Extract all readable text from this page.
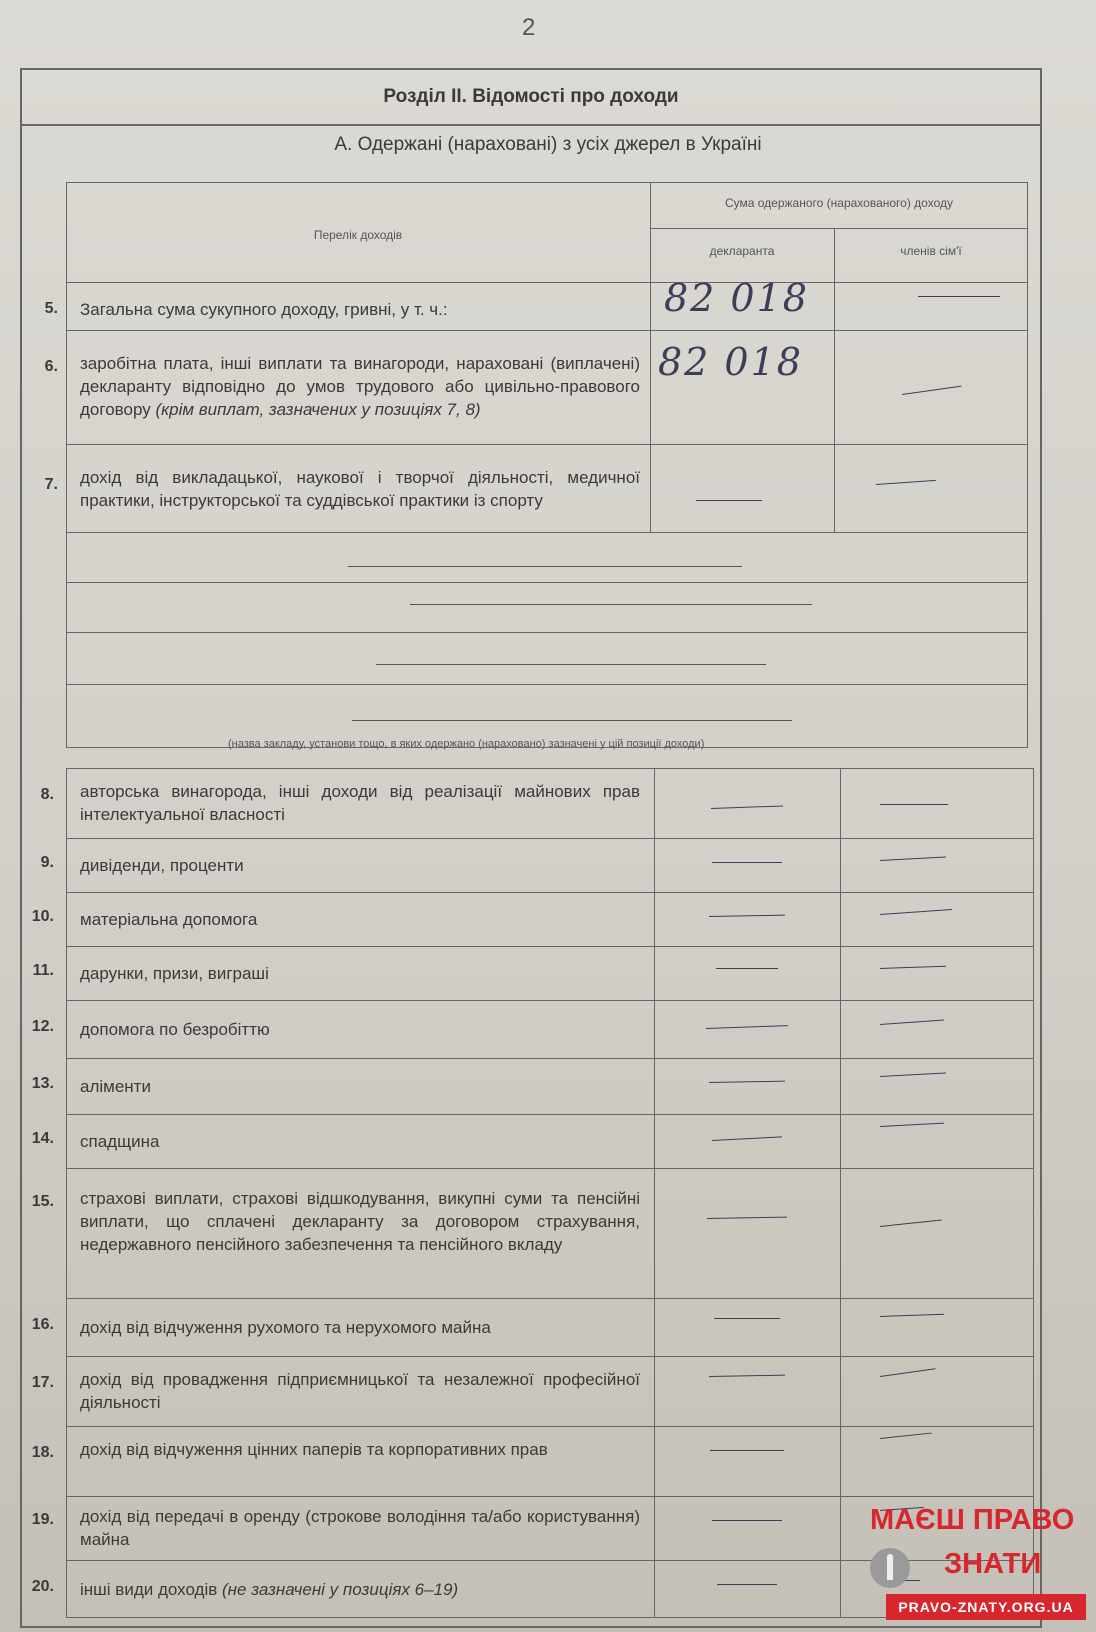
2
Розділ ІІ. Відомості про доходи
А. Одержані (нараховані) з усіх джерел в Україні
Перелік доходів
Сума одержаного (нарахованого) доходу
декларанта	членів сім'ї
5. Загальна сума сукупного доходу, гривні, у т. ч.:	82 018
6. заробітна плата, інші виплати та винагороди, нараховані (виплачені) декларанту відповідно до умов трудового або цивільно-правового договору (крім виплат, зазначених у позиціях 7, 8)
82 018
7. дохід від викладацької, наукової і творчої діяльності, медичної практики, інструкторської та суддівської практики із спорту
(назва закладу, установи тощо, в яких одержано (нараховано) зазначені у цій позиції доходи)
8. авторська винагорода, інші доходи від реалізації майнових прав інтелектуальної власності
9. дивіденди, проценти
10. матеріальна допомога
11. дарунки, призи, виграші
12. допомога по безробіттю
13. аліменти
14. спадщина
15. страхові виплати, страхові відшкодування, викупні суми та пенсійні виплати, що сплачені декларанту за договором страхування, недержавного пенсійного забезпечення та пенсійного вкладу
16. дохід від відчуження рухомого та нерухомого майна
17. дохід від провадження підприємницької та незалежної професійної діяльності
18. дохід від відчуження цінних паперів та корпоративних прав
19. дохід від передачі в оренду (строкове володіння та/або користування) майна
20. інші види доходів (не зазначені у позиціях 6–19)
МАЄШ ПРАВО
ЗНАТИ
PRAVO-ZNATY.ORG.UA
